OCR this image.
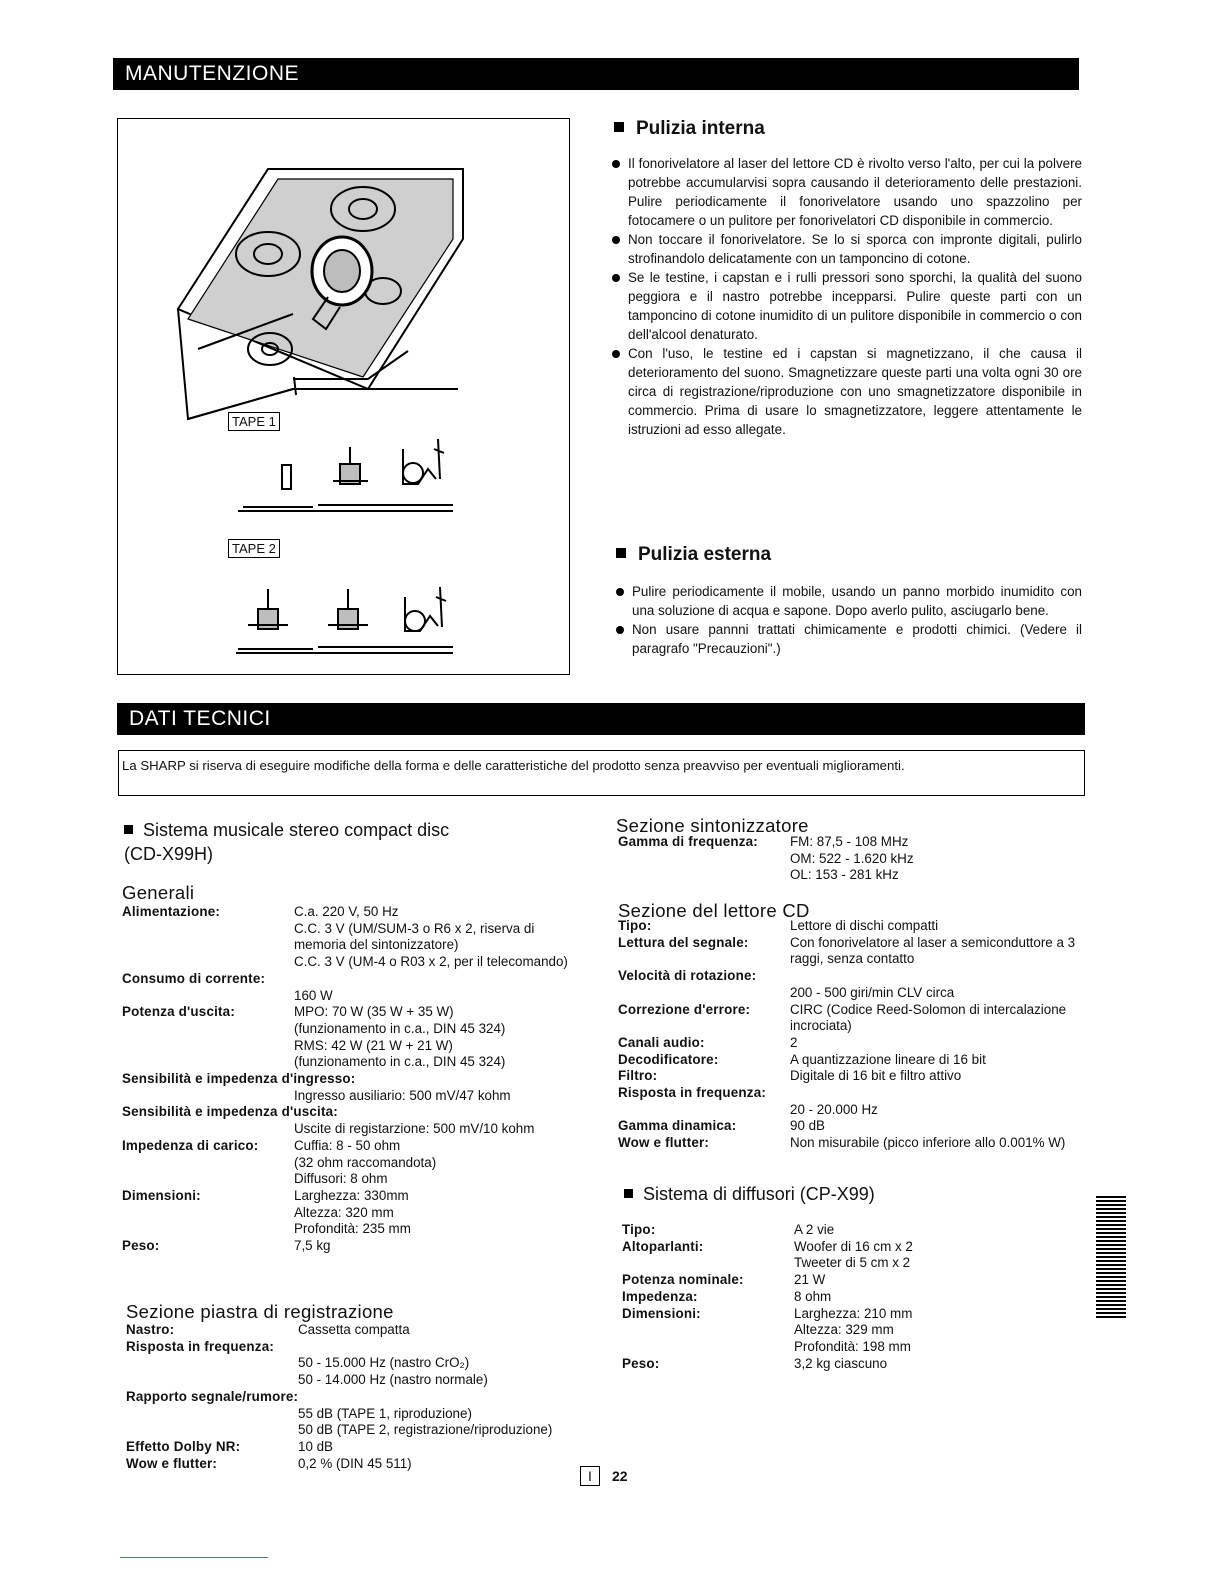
MANUTENZIONE
TAPE 1
TAPE 2
Pulizia interna
Il fonorivelatore al laser del lettore CD è rivolto verso l'alto, per cui la polvere potrebbe accumularvisi sopra causando il deterioramento delle prestazioni. Pulire periodicamente il fonorivelatore usando uno spazzolino per fotocamere o un pulitore per fonorivelatori CD disponibile in commercio.
Non toccare il fonorivelatore. Se lo si sporca con impronte digitali, pulirlo strofinandolo delicatamente con un tamponcino di cotone.
Se le testine, i capstan e i rulli pressori sono sporchi, la qualità del suono peggiora e il nastro potrebbe incepparsi. Pulire queste parti con un tamponcino di cotone inumidito di un pulitore disponibile in commercio o con dell'alcool denaturato.
Con l'uso, le testine ed i capstan si magnetizzano, il che causa il deterioramento del suono. Smagnetizzare queste parti una volta ogni 30 ore circa di registrazione/riproduzione con uno smagnetizzatore disponibile in commercio. Prima di usare lo smagnetizzatore, leggere attentamente le istruzioni ad esso allegate.
Pulizia esterna
Pulire periodicamente il mobile, usando un panno morbido inumidito con una soluzione di acqua e sapone. Dopo averlo pulito, asciugarlo bene.
Non usare pannni trattati chimicamente e prodotti chimici. (Vedere il paragrafo "Precauzioni".)
DATI TECNICI
La SHARP si riserva di eseguire modifiche della forma e delle caratteristiche del prodotto senza preavviso per eventuali miglioramenti.
Sistema musicale stereo compact disc
(CD-X99H)
Generali
Alimentazione:	C.a. 220 V, 50 Hz
C.C. 3 V (UM/SUM-3 o R6 x 2, riserva di memoria del sintonizzatore)
C.C. 3 V (UM-4 o R03 x 2, per il telecomando)
Consumo di corrente:
160 W
Potenza d'uscita:	MPO: 70 W (35 W + 35 W)
(funzionamento in c.a., DIN 45 324)
RMS: 42 W (21 W + 21 W)
(funzionamento in c.a., DIN 45 324)
Sensibilità e impedenza d'ingresso:
Ingresso ausiliario: 500 mV/47 kohm
Sensibilità e impedenza d'uscita:
Uscite di registarzione: 500 mV/10 kohm
Impedenza di carico:	Cuffia: 8 - 50 ohm
(32 ohm raccomandota)
Diffusori: 8 ohm
Dimensioni:	Larghezza: 330mm
Altezza: 320 mm
Profondità: 235 mm
Peso:	7,5 kg
Sezione piastra di registrazione
Nastro:	Cassetta compatta
Risposta in frequenza:
50 - 15.000 Hz (nastro CrO₂)
50 - 14.000 Hz (nastro normale)
Rapporto segnale/rumore:
55 dB (TAPE 1, riproduzione)
50 dB (TAPE 2, registrazione/riproduzione)
Effetto Dolby NR:	10 dB
Wow e flutter:	0,2 % (DIN 45 511)
Sezione sintonizzatore
Gamma di frequenza:	FM: 87,5 - 108 MHz
OM: 522 - 1.620 kHz
OL: 153 - 281 kHz
Sezione del lettore CD
Tipo:	Lettore di dischi compatti
Lettura del segnale:	Con fonorivelatore al laser a semiconduttore a 3 raggi, senza contatto
Velocità di rotazione:
200 - 500 giri/min CLV circa
Correzione d'errore:	CIRC (Codice Reed-Solomon di intercalazione incrociata)
Canali audio:	2
Decodificatore:	A quantizzazione lineare di 16 bit
Filtro:	Digitale di 16 bit e filtro attivo
Risposta in frequenza:
20 - 20.000 Hz
Gamma dinamica:	90 dB
Wow e flutter:	Non misurabile (picco inferiore allo 0.001% W)
Sistema di diffusori (CP-X99)
Tipo:	A 2 vie
Altoparlanti:	Woofer di 16 cm x 2
Tweeter di 5 cm x 2
Potenza nominale:	21 W
Impedenza:	8 ohm
Dimensioni:	Larghezza: 210 mm
Altezza: 329 mm
Profondità: 198 mm
Peso:	3,2 kg ciascuno
I 22
